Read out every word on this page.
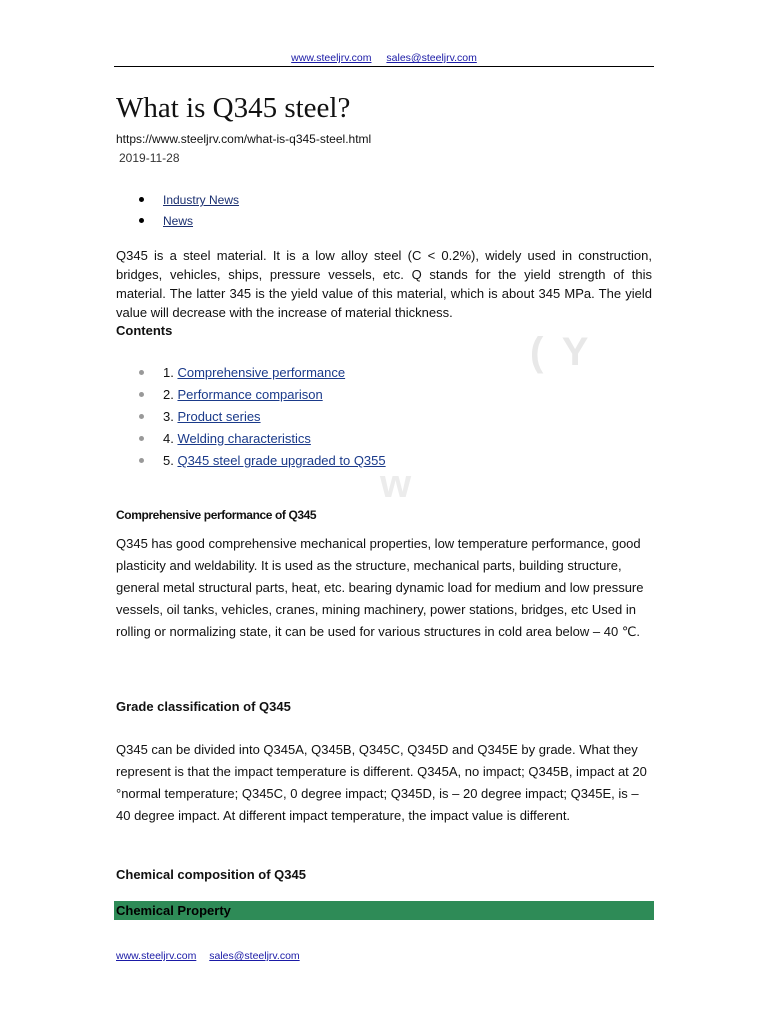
www.steeljrv.com sales@steeljrv.com
What is Q345 steel?
https://www.steeljrv.com/what-is-q345-steel.html
2019-11-28
Industry News
News

Q345 is a steel material. It is a low alloy steel (C < 0.2%), widely used in construction, bridges, vehicles, ships, pressure vessels, etc. Q stands for the yield strength of this material. The latter 345 is the yield value of this material, which is about 345 MPa. The yield value will decrease with the increase of material thickness.

Contents	( Y
w
1. Comprehensive performance
2. Performance comparison
3. Product series
4. Welding characteristics
5. Q345 steel grade upgraded to Q355
Comprehensive performance of Q345

Q345 has good comprehensive mechanical properties, low temperature performance, good plasticity and weldability. It is used as the structure, mechanical parts, building structure, general metal structural parts, heat, etc. bearing dynamic load for medium and low pressure vessels, oil tanks, vehicles, cranes, mining machinery, power stations, bridges, etc Used in rolling or normalizing state, it can be used for various structures in cold area below – 40 ℃.

Grade classification of Q345

Q345 can be divided into Q345A, Q345B, Q345C, Q345D and Q345E by grade. What they represent is that the impact temperature is different. Q345A, no impact; Q345B, impact at 20 °normal temperature; Q345C, 0 degree impact; Q345D, is – 20 degree impact; Q345E, is – 40 degree impact. At different impact temperature, the impact value is different.

Chemical composition of Q345
Chemical Property
www.steeljrv.com sales@steeljrv.com
